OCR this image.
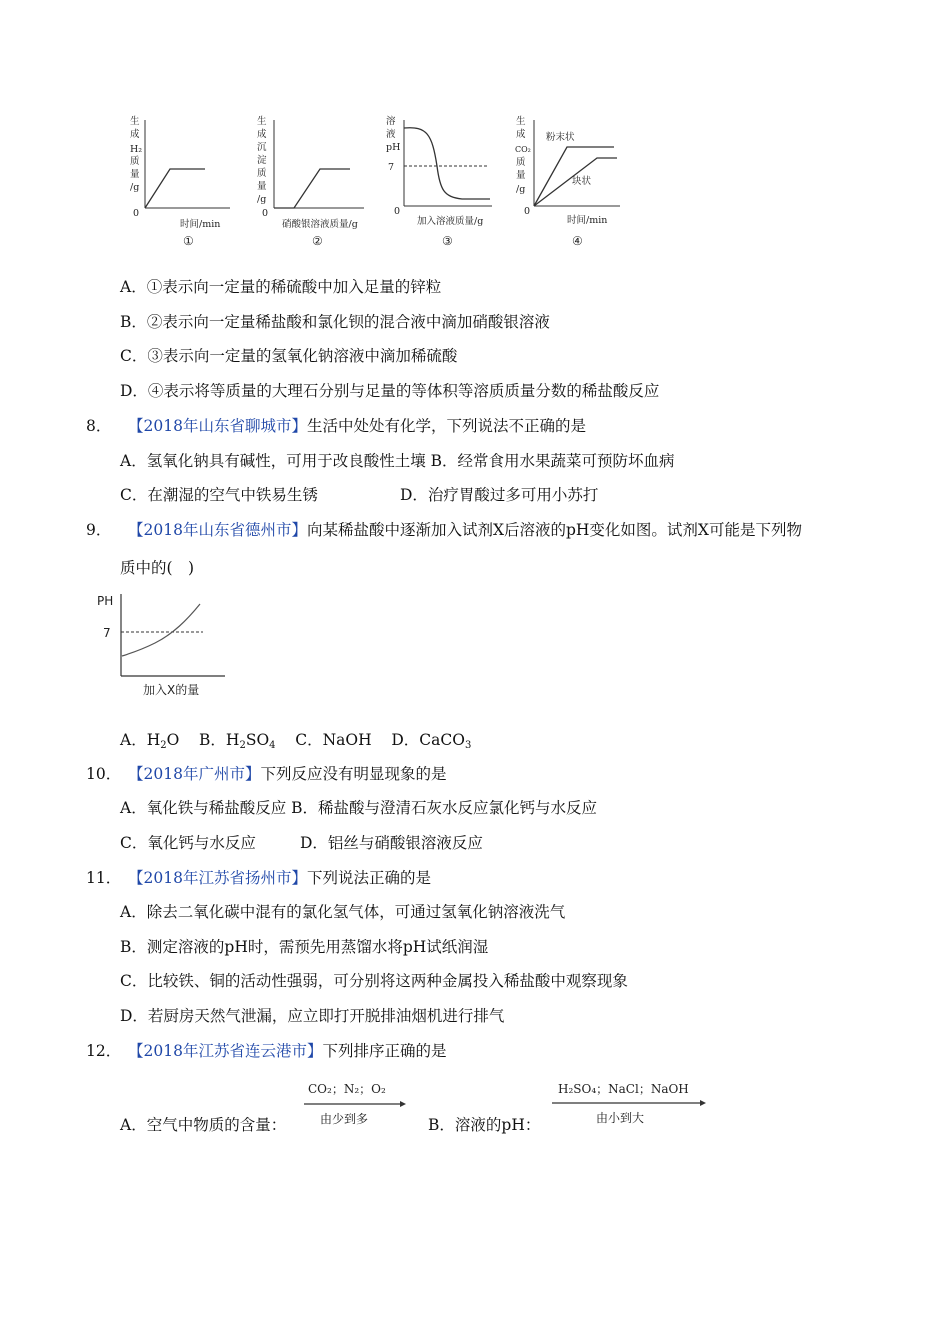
生
成
H₂
质
量
/g
0
时间/min
①
生
成
沉
淀
质
量
/g
0
硝酸银溶液质量/g
②
溶
液
pH
7
0
加入溶液质量/g
③
生
成
CO₂
质
量
/g
0
粉末状
块状
时间/min
④
A．①表示向一定量的稀硫酸中加入足量的锌粒
B．②表示向一定量稀盐酸和氯化钡的混合液中滴加硝酸银溶液
C．③表示向一定量的氢氧化钠溶液中滴加稀硫酸
D．④表示将等质量的大理石分别与足量的等体积等溶质质量分数的稀盐酸反应
8． 【2018年山东省聊城市】生活中处处有化学，下列说法不正确的是
A．氢氧化钠具有碱性，可用于改良酸性土壤 B．经常食用水果蔬菜可预防坏血病
C．在潮湿的空气中铁易生锈	D．治疗胃酸过多可用小苏打
9． 【2018年山东省德州市】向某稀盐酸中逐渐加入试剂X后溶液的pH变化如图。试剂X可能是下列物
质中的(　)
PH
7
加入X的量
A．$H_2O$ B．$H_2SO_4$ C．NaOH D．CaCO$_3$
10． 【2018年广州市】下列反应没有明显现象的是
A．氧化铁与稀盐酸反应 B．稀盐酸与澄清石灰水反应氯化钙与水反应
C．氧化钙与水反应	D．铝丝与硝酸银溶液反应
11． 【2018年江苏省扬州市】下列说法正确的是
A．除去二氧化碳中混有的氯化氢气体，可通过氢氧化钠溶液洗气
B．测定溶液的pH时，需预先用蒸馏水将pH试纸润湿
C．比较铁、铜的活动性强弱，可分别将这两种金属投入稀盐酸中观察现象
D．若厨房天然气泄漏，应立即打开脱排油烟机进行排气
12． 【2018年江苏省连云港市】下列排序正确的是
A．空气中物质的含量：
CO₂；N₂；O₂
由少到多	B．溶液的pH：
H₂SO₄；NaCl；NaOH
由小到大
